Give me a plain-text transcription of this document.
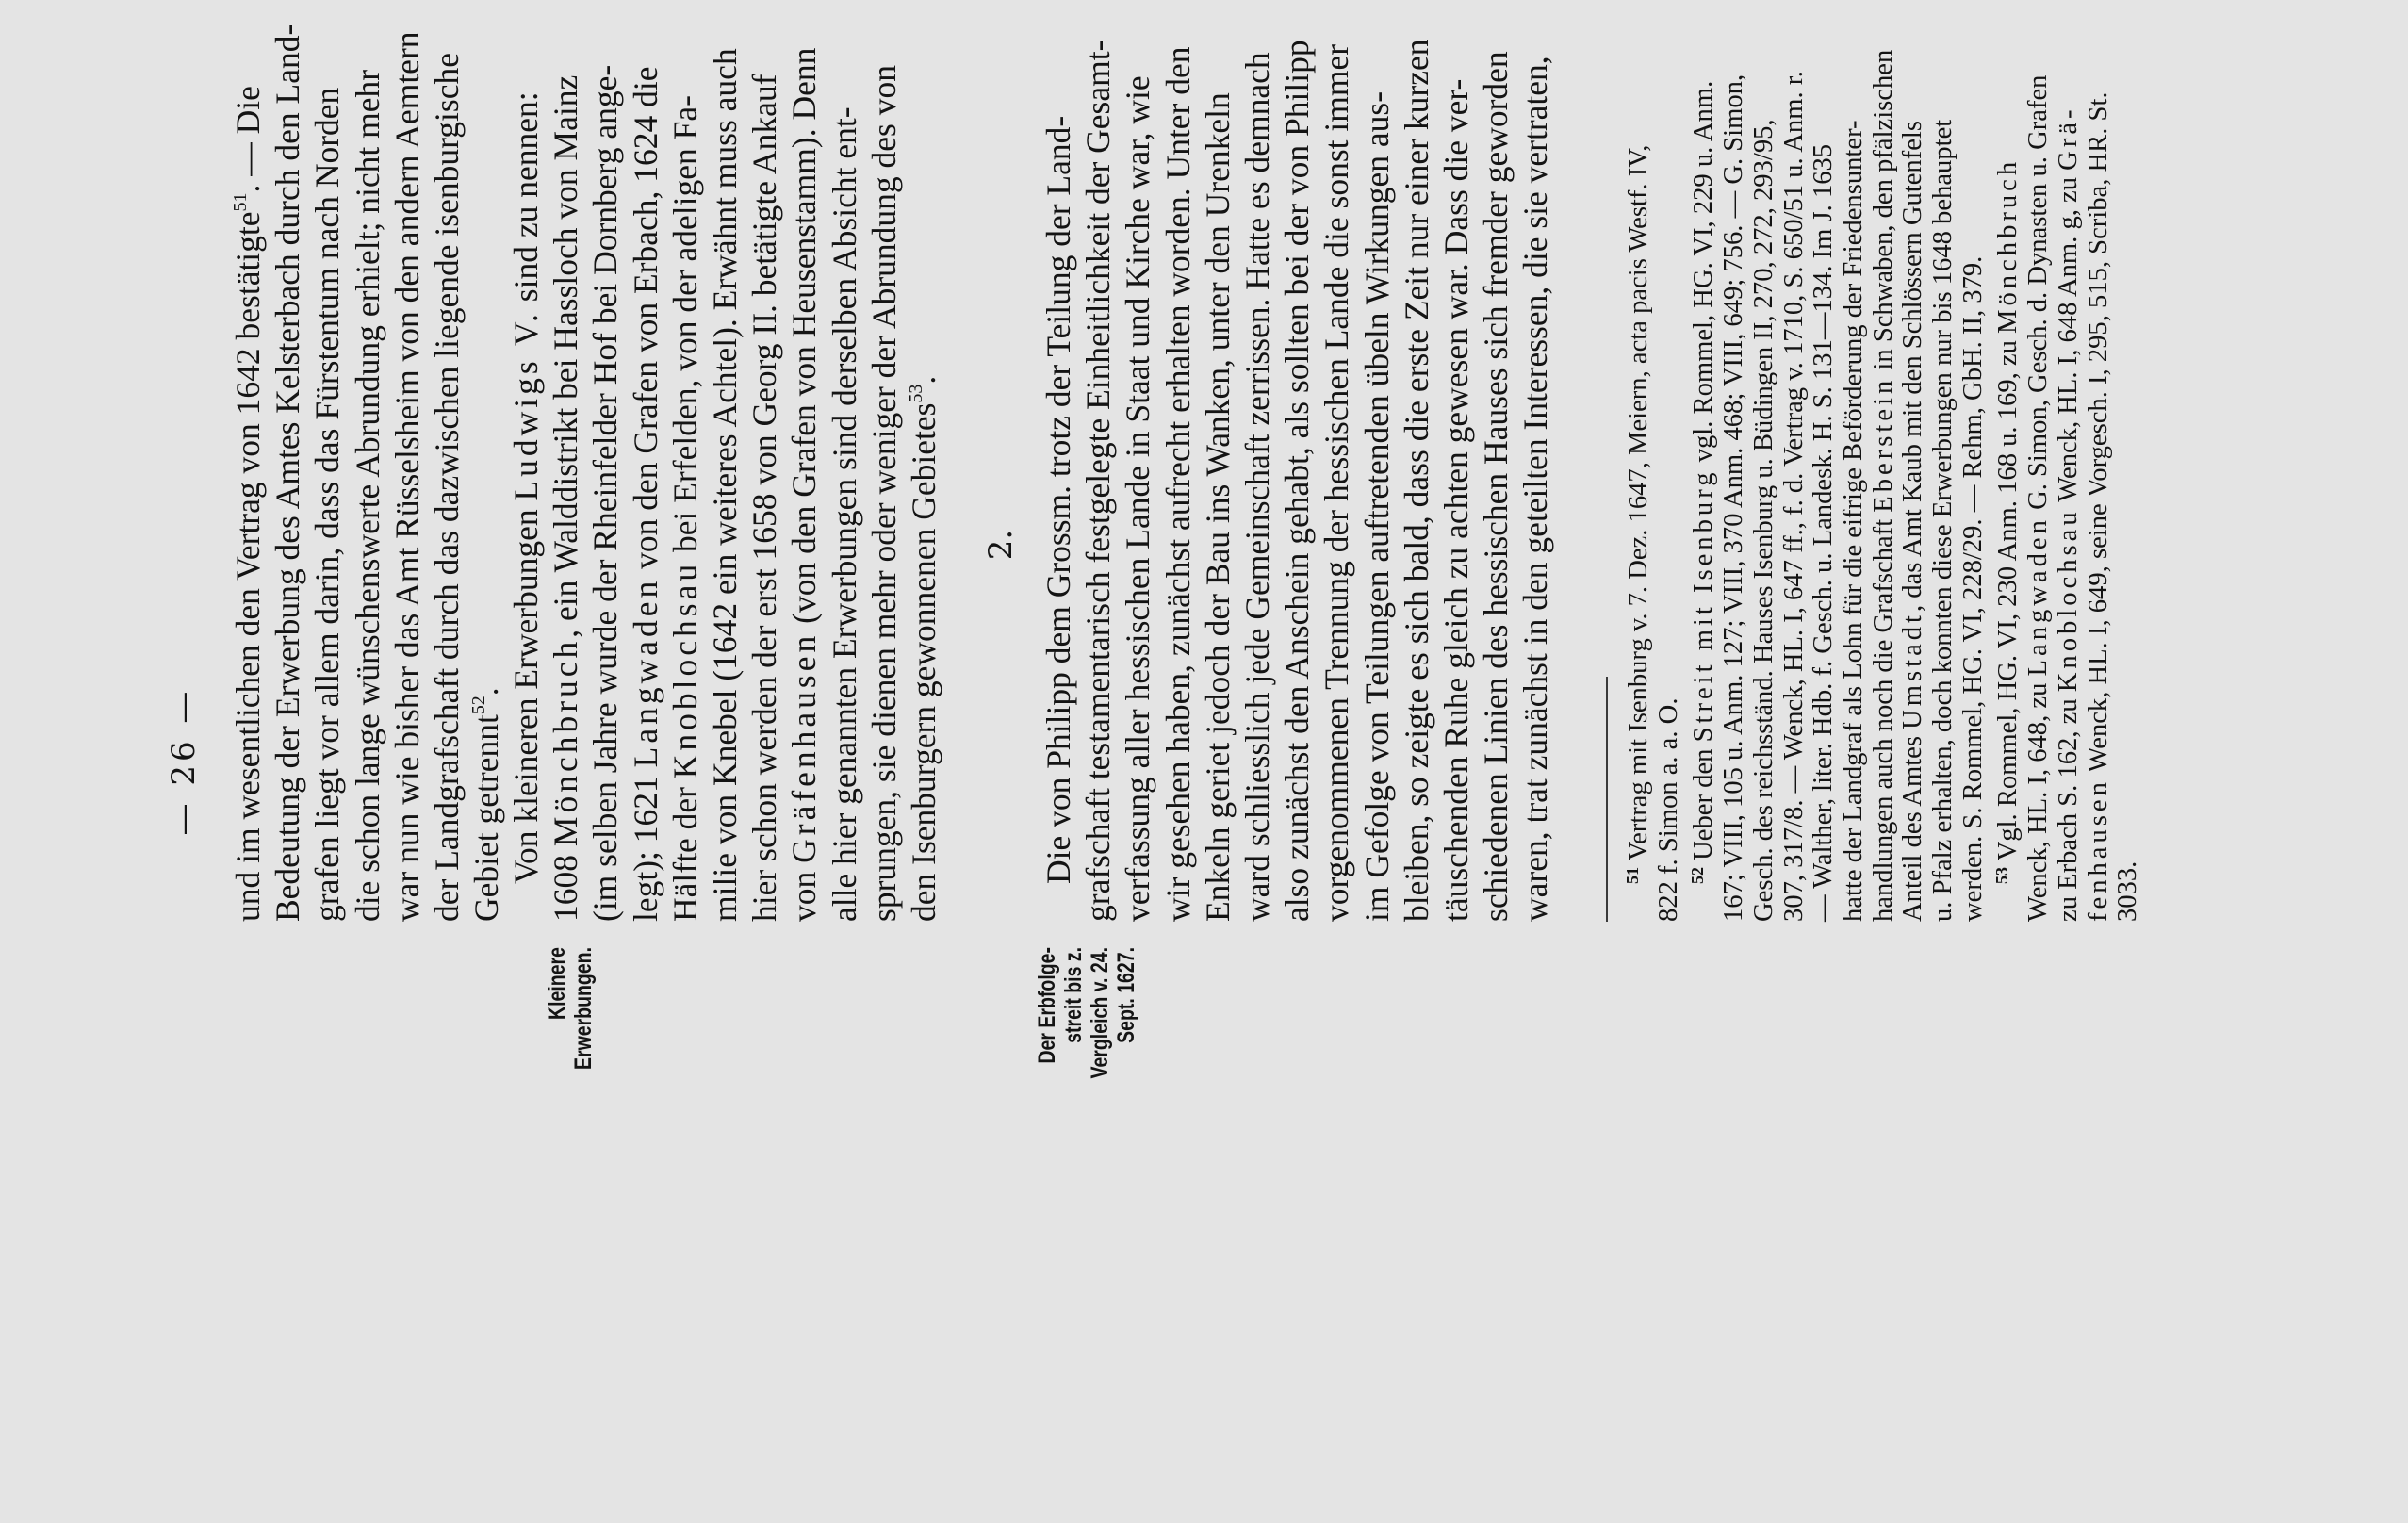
— 26 — und im wesentlichen den Vertrag von 1642 bestätigte$^{51}$. — Die Bedeutung der Erwerbung des Amtes Kelsterbach durch den Land- grafen liegt vor allem darin, dass das Fürstentum nach Norden die schon lange wünschenswerte Abrundung erhielt; nicht mehr war nun wie bisher das Amt Rüsselsheim von den andern Aemtern der Landgrafschaft durch das dazwischen liegende isenburgische Gebiet getrennt$^{52}$.
Kleinere Erwerbungen.
Von kleineren Erwerbungen Ludwigs V. sind zu nennen:
1608 Mönchbruch, ein Walddistrikt bei Hassloch von Mainz (im selben Jahre wurde der Rheinfelder Hof bei Dornberg ange- legt); 1621 Langwaden von den Grafen von Erbach, 1624 die
Hälfte der Knoblochsau bei Erfelden, von der adeligen Fa- milie von Knebel (1642 ein weiteres Achtel). Erwähnt muss auch hier schon werden der erst 1658 von Georg II. betätigte Ankauf von Gräfenhausen (von den Grafen von Heusenstamm). Denn alle hier genannten Erwerbungen sind derselben Absicht ent- sprungen, sie dienen mehr oder weniger der Abrundung des von den Isenburgern gewonnenen Gebietes$^{53}$.
2.
Der Erbfolge-streit bis z. Vergleich v. 24. Sept. 1627.
Die von Philipp dem Grossm. trotz der Teilung der Land- grafschaft testamentarisch festgelegte Einheitlichkeit der Gesamt- verfassung aller hessischen Lande in Staat und Kirche war, wie wir gesehen haben, zunächst aufrecht erhalten worden. Unter den Enkeln geriet jedoch der Bau ins Wanken, unter den Urenkeln ward schliesslich jede Gemeinschaft zerrissen. Hatte es demnach also zunächst den Anschein gehabt, als sollten bei der von Philipp vorgenommenen Trennung der hessischen Lande die sonst immer im Gefolge von Teilungen auftretenden übeln Wirkungen aus- bleiben, so zeigte es sich bald, dass die erste Zeit nur einer kurzen täuschenden Ruhe gleich zu achten gewesen war. Dass die ver- schiedenen Linien des hessischen Hauses sich fremder geworden waren, trat zunächst in den geteilten Interessen, die sie vertraten,	$^{51}$ Vertrag mit Isenburg v. 7. Dez. 1647, Meiern, acta pacis Westf. IV, 822 f. Simon a. a. O. $^{52}$ Ueber den Streit mit Isenburg vgl. Rommel, HG. VI, 229 u. Anm. 167; VIII, 105 u. Anm. 127; VIII, 370 Anm. 468; VIII, 649; 756. — G. Simon, Gesch. des reichsständ. Hauses Isenburg u. Büdingen II, 270, 272, 293/95, 307, 317/8. — Wenck, HL. I, 647 ff., f. d. Vertrag v. 1710, S. 650/51 u. Anm. r. — Walther, liter. Hdb. f. Gesch. u. Landesk. H. S. 131—134. Im J. 1635 hatte der Landgraf als Lohn für die eifrige Beförderung der Friedensunter- handlungen auch noch die Grafschaft Eberstein in Schwaben, den pfälzischen
Anteil des Amtes Umstadt, das Amt Kaub mit den Schlössern Gutenfels u. Pfalz erhalten, doch konnten diese Erwerbungen nur bis 1648 behauptet werden. S. Rommel, HG. VI, 228/29. — Rehm, GbH. II, 379. $^{53}$ Vgl. Rommel, HG. VI, 230 Anm. 168 u. 169, zu Mönchbruch
Wenck, HL. I, 648, zu Langwaden G. Simon, Gesch. d. Dynasten u. Grafen
zu Erbach S. 162, zu Knoblochsau Wenck, HL. I, 648 Anm. g, zu Grä-
fenhausen Wenck, HL. I, 649, seine Vorgesch. I, 295, 515, Scriba, HR. St.
3033.
